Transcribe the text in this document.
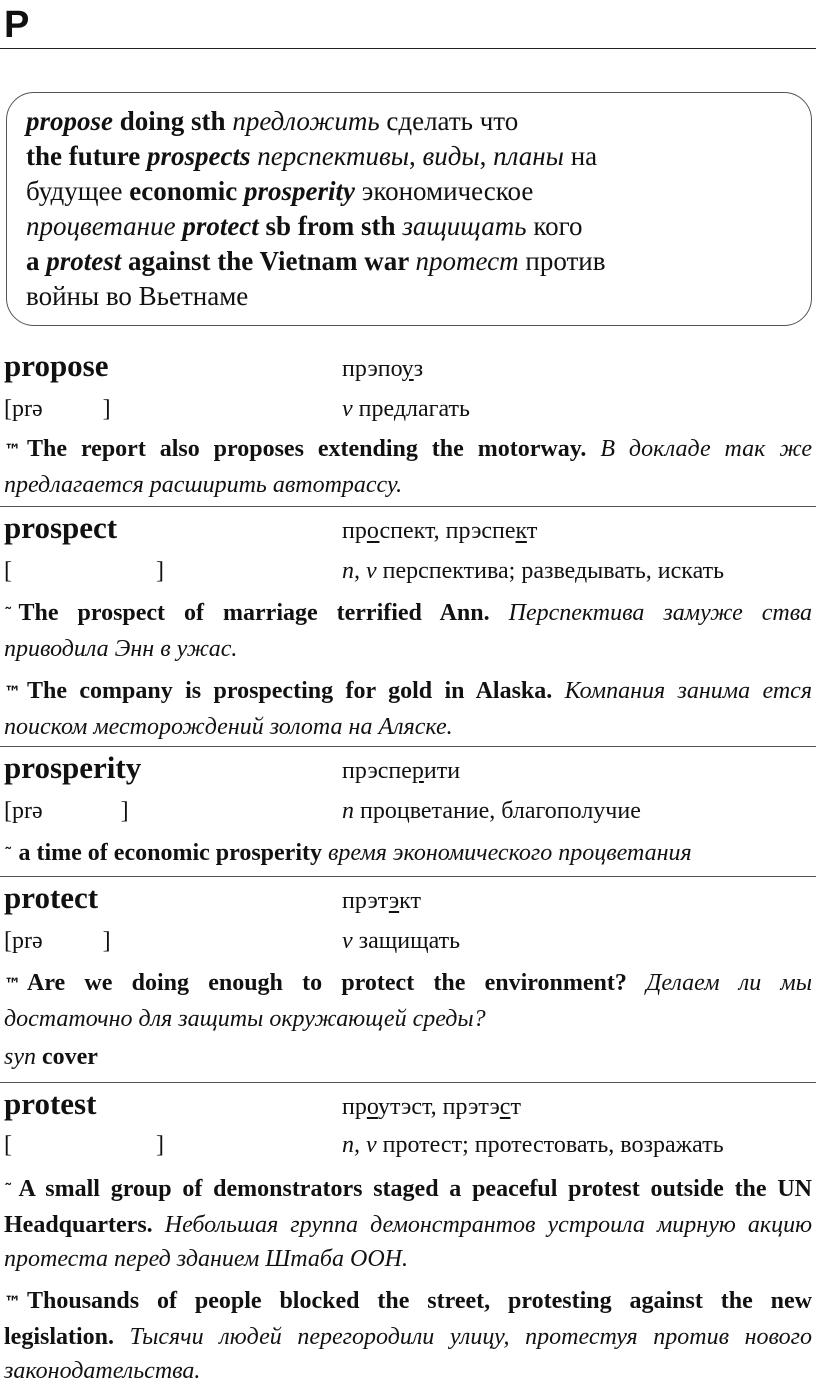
P

propose doing sth предложить сделать что

the future prospects перспективы, виды, планы на

будущее economic prosperity экономическое

процветание protect sb from sth защищать кого

a protest against the Vietnam war протест против

войны во Вьетнаме

propose	прэпоуз
[prə          ]	v предлагать
™ The report also proposes extending the motorway. В докладе так же предлагается расширить автотрассу.
prospect	проспект, прэспект
[                        ]	n, v перспектива; разведывать, искать
˜ The prospect of marriage terrified Ann. Перспектива замуже ства приводила Энн в ужас.
™ The company is prospecting for gold in Alaska. Компания занима ется поиском месторождений золота на Аляске.
prosperity	прэсперити
[prə             ]	n процветание, благополучие
˜ a time of economic prosperity время экономического процветания
protect	прэтэкт
[prə          ]	v защищать
™ Are we doing enough to protect the environment? Делаем ли мы достаточно для защиты окружающей среды?
syn cover
protest	проутэст, прэтэст
[                        ]	n, v протест; протестовать, возражать
˜ A small group of demonstrators staged a peaceful protest outside the UN Headquarters. Небольшая группа демонстрантов устроила мирную акцию протеста перед зданием Штаба ООН.
™ Thousands of people blocked the street, protesting against the new legislation. Тысячи людей перегородили улицу, протестуя против нового законодательства.
